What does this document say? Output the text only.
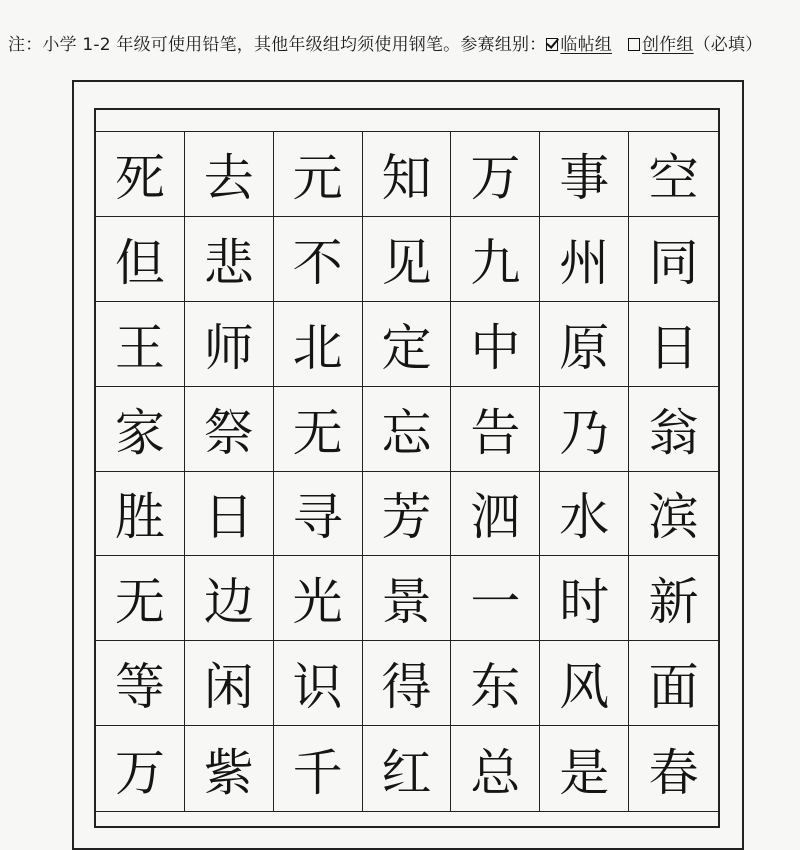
注：小学 1-2 年级可使用铅笔，其他年级组均须使用钢笔。参赛组别： 临帖组 创作组（必填）
死 去 元 知 万 事 空
但 悲 不 见 九 州 同
王 师 北 定 中 原 日
家 祭 无 忘 告 乃 翁
胜 日 寻 芳 泗 水 滨
无 边 光 景 一 时 新
等 闲 识 得 东 风 面
万 紫 千 红 总 是 春
